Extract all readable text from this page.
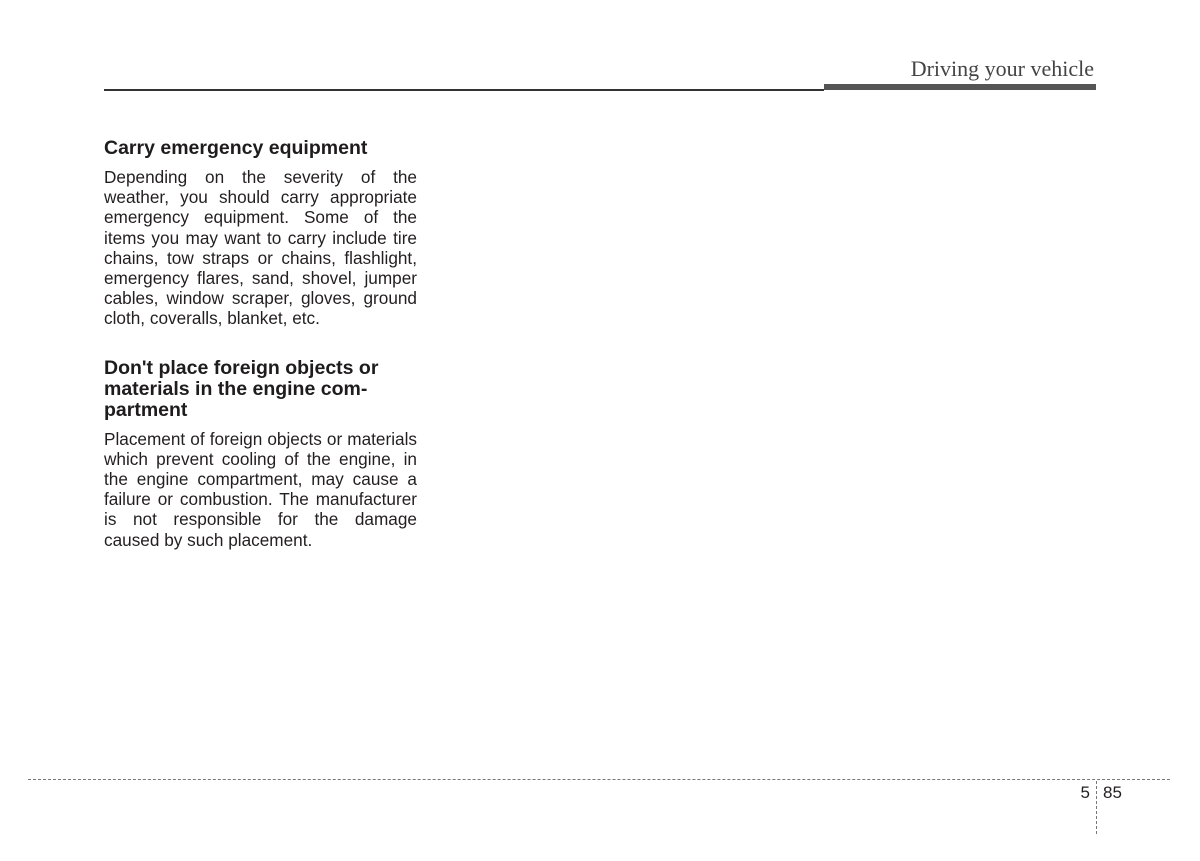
Driving your vehicle
Carry emergency equipment

Depending on the severity of the weather, you should carry appropriate emergency equipment. Some of the items you may want to carry include tire chains, tow straps or chains, flashlight, emergency flares, sand, shovel, jumper cables, window scraper, gloves, ground cloth, coveralls, blanket, etc.

Don't place foreign objects or materials in the engine compartment

Placement of foreign objects or materials which prevent cooling of the engine, in the engine compartment, may cause a failure or combustion. The manufacturer is not responsible for the damage caused by such placement.

5 85
